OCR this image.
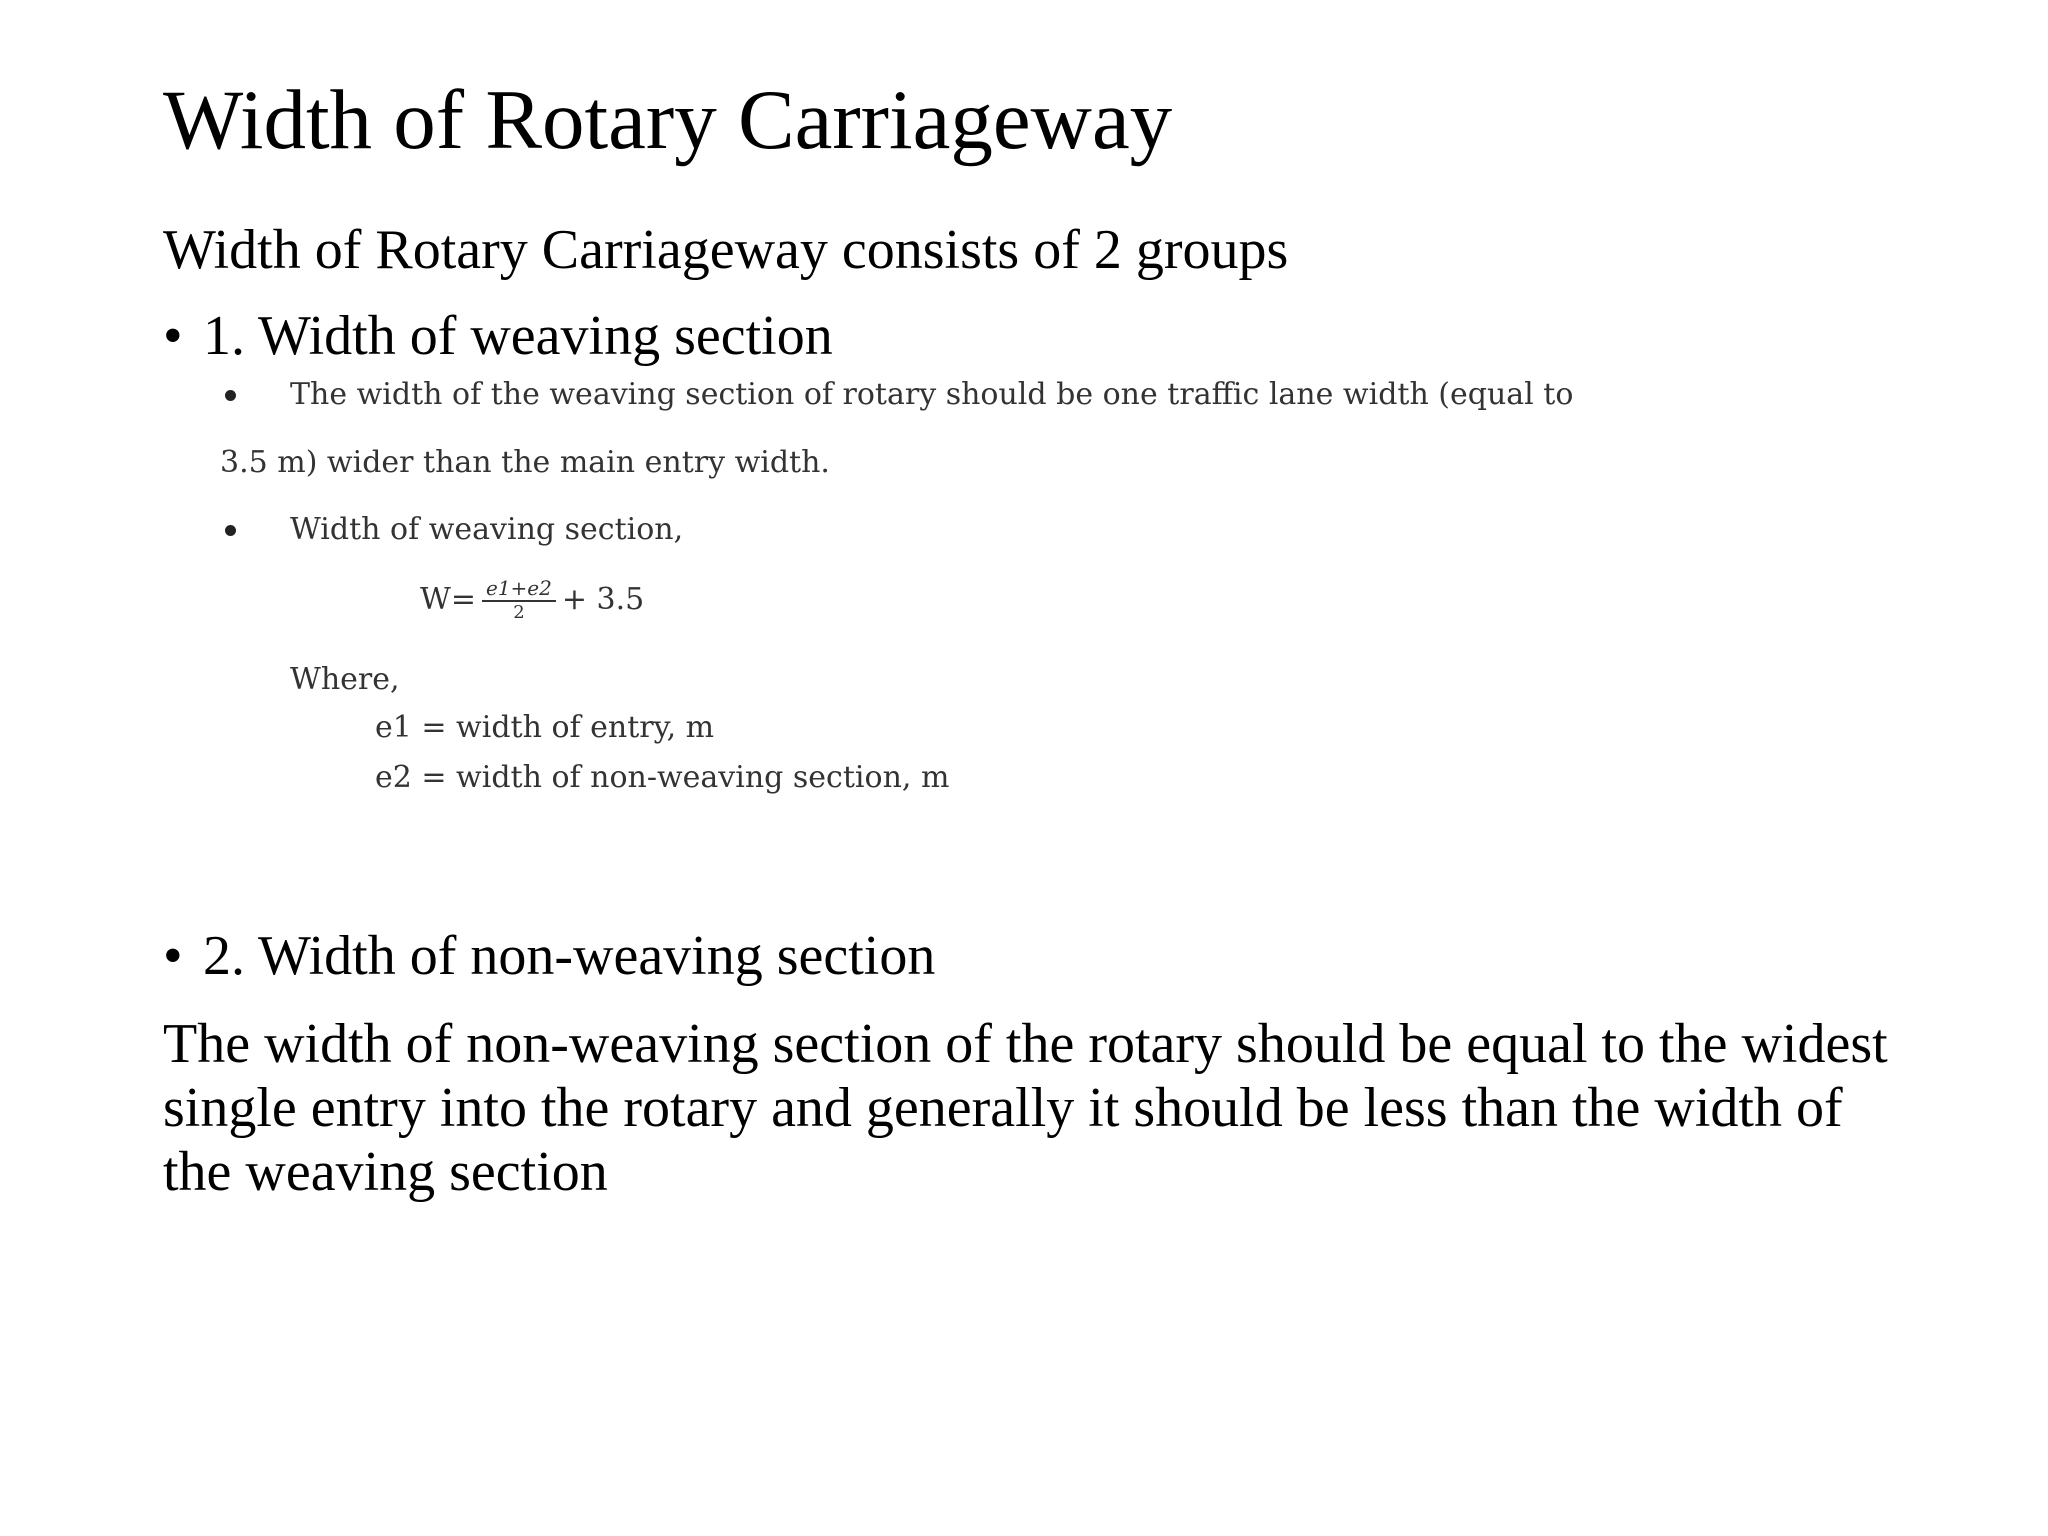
Width of Rotary Carriageway
Width of Rotary Carriageway consists of 2 groups
• 1. Width of weaving section
The width of the weaving section of rotary should be one traffic lane width (equal to
3.5 m) wider than the main entry width.
Width of weaving section,
$W= \frac{e1+e2}{2} + 3.5$
Where,
e1 = width of entry, m
e2 = width of non-weaving section, m
• 2. Width of non-weaving section
The width of non-weaving section of the rotary should be equal to the widest single entry into the rotary and generally it should be less than the width of the weaving section
